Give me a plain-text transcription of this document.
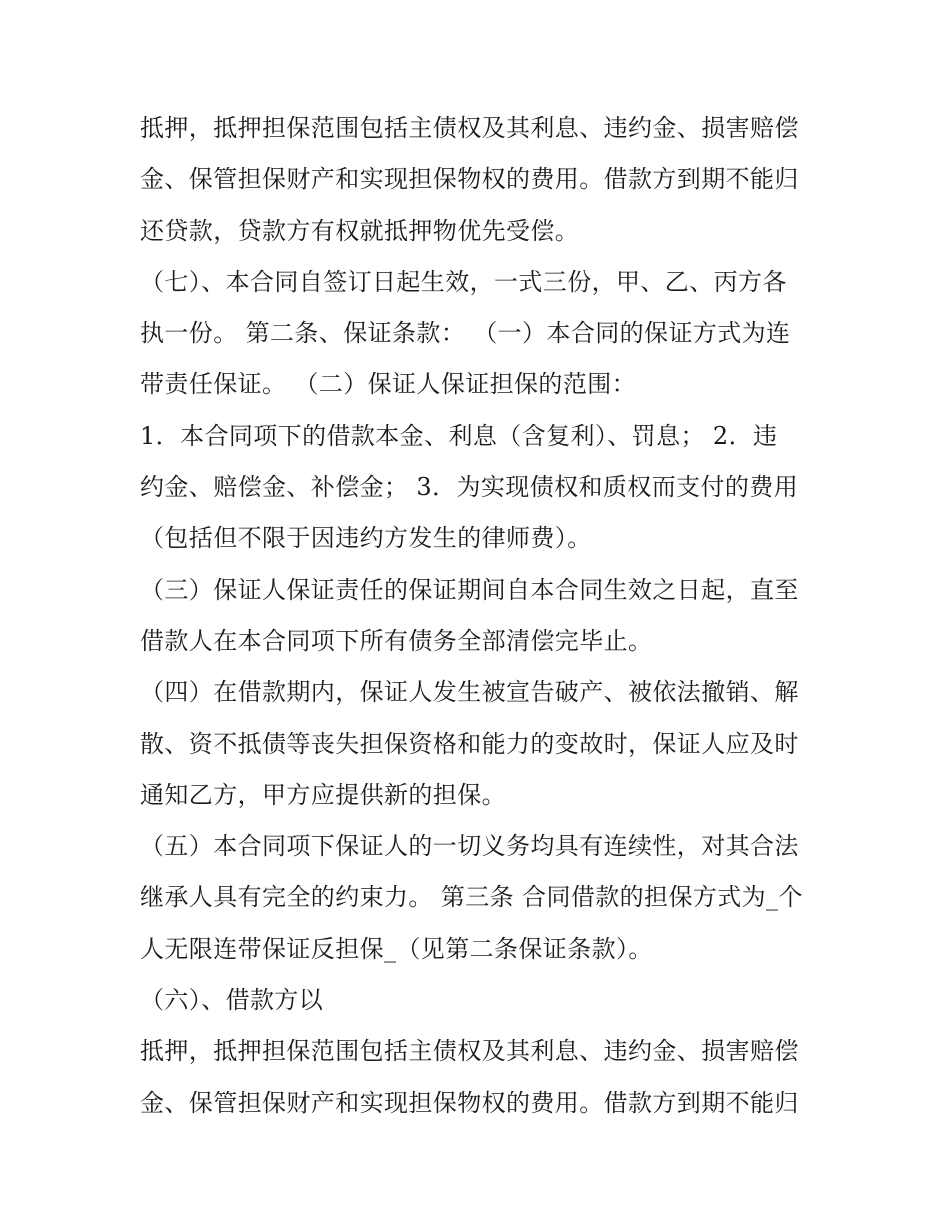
抵押，抵押担保范围包括主债权及其利息、违约金、损害赔偿
金、保管担保财产和实现担保物权的费用。借款方到期不能归
还贷款，贷款方有权就抵押物优先受偿。
（七）、本合同自签订日起生效，一式三份，甲、乙、丙方各
执一份。 第二条、保证条款： （一）本合同的保证方式为连
带责任保证。 （二）保证人保证担保的范围：
1．本合同项下的借款本金、利息（含复利）、罚息； 2．违
约金、赔偿金、补偿金； 3．为实现债权和质权而支付的费用
（包括但不限于因违约方发生的律师费）。
（三）保证人保证责任的保证期间自本合同生效之日起，直至
借款人在本合同项下所有债务全部清偿完毕止。
（四）在借款期内，保证人发生被宣告破产、被依法撤销、解
散、资不抵债等丧失担保资格和能力的变故时，保证人应及时
通知乙方，甲方应提供新的担保。
（五）本合同项下保证人的一切义务均具有连续性，对其合法
继承人具有完全的约束力。 第三条 合同借款的担保方式为_个
人无限连带保证反担保_（见第二条保证条款）。
（六）、借款方以
抵押，抵押担保范围包括主债权及其利息、违约金、损害赔偿
金、保管担保财产和实现担保物权的费用。借款方到期不能归
